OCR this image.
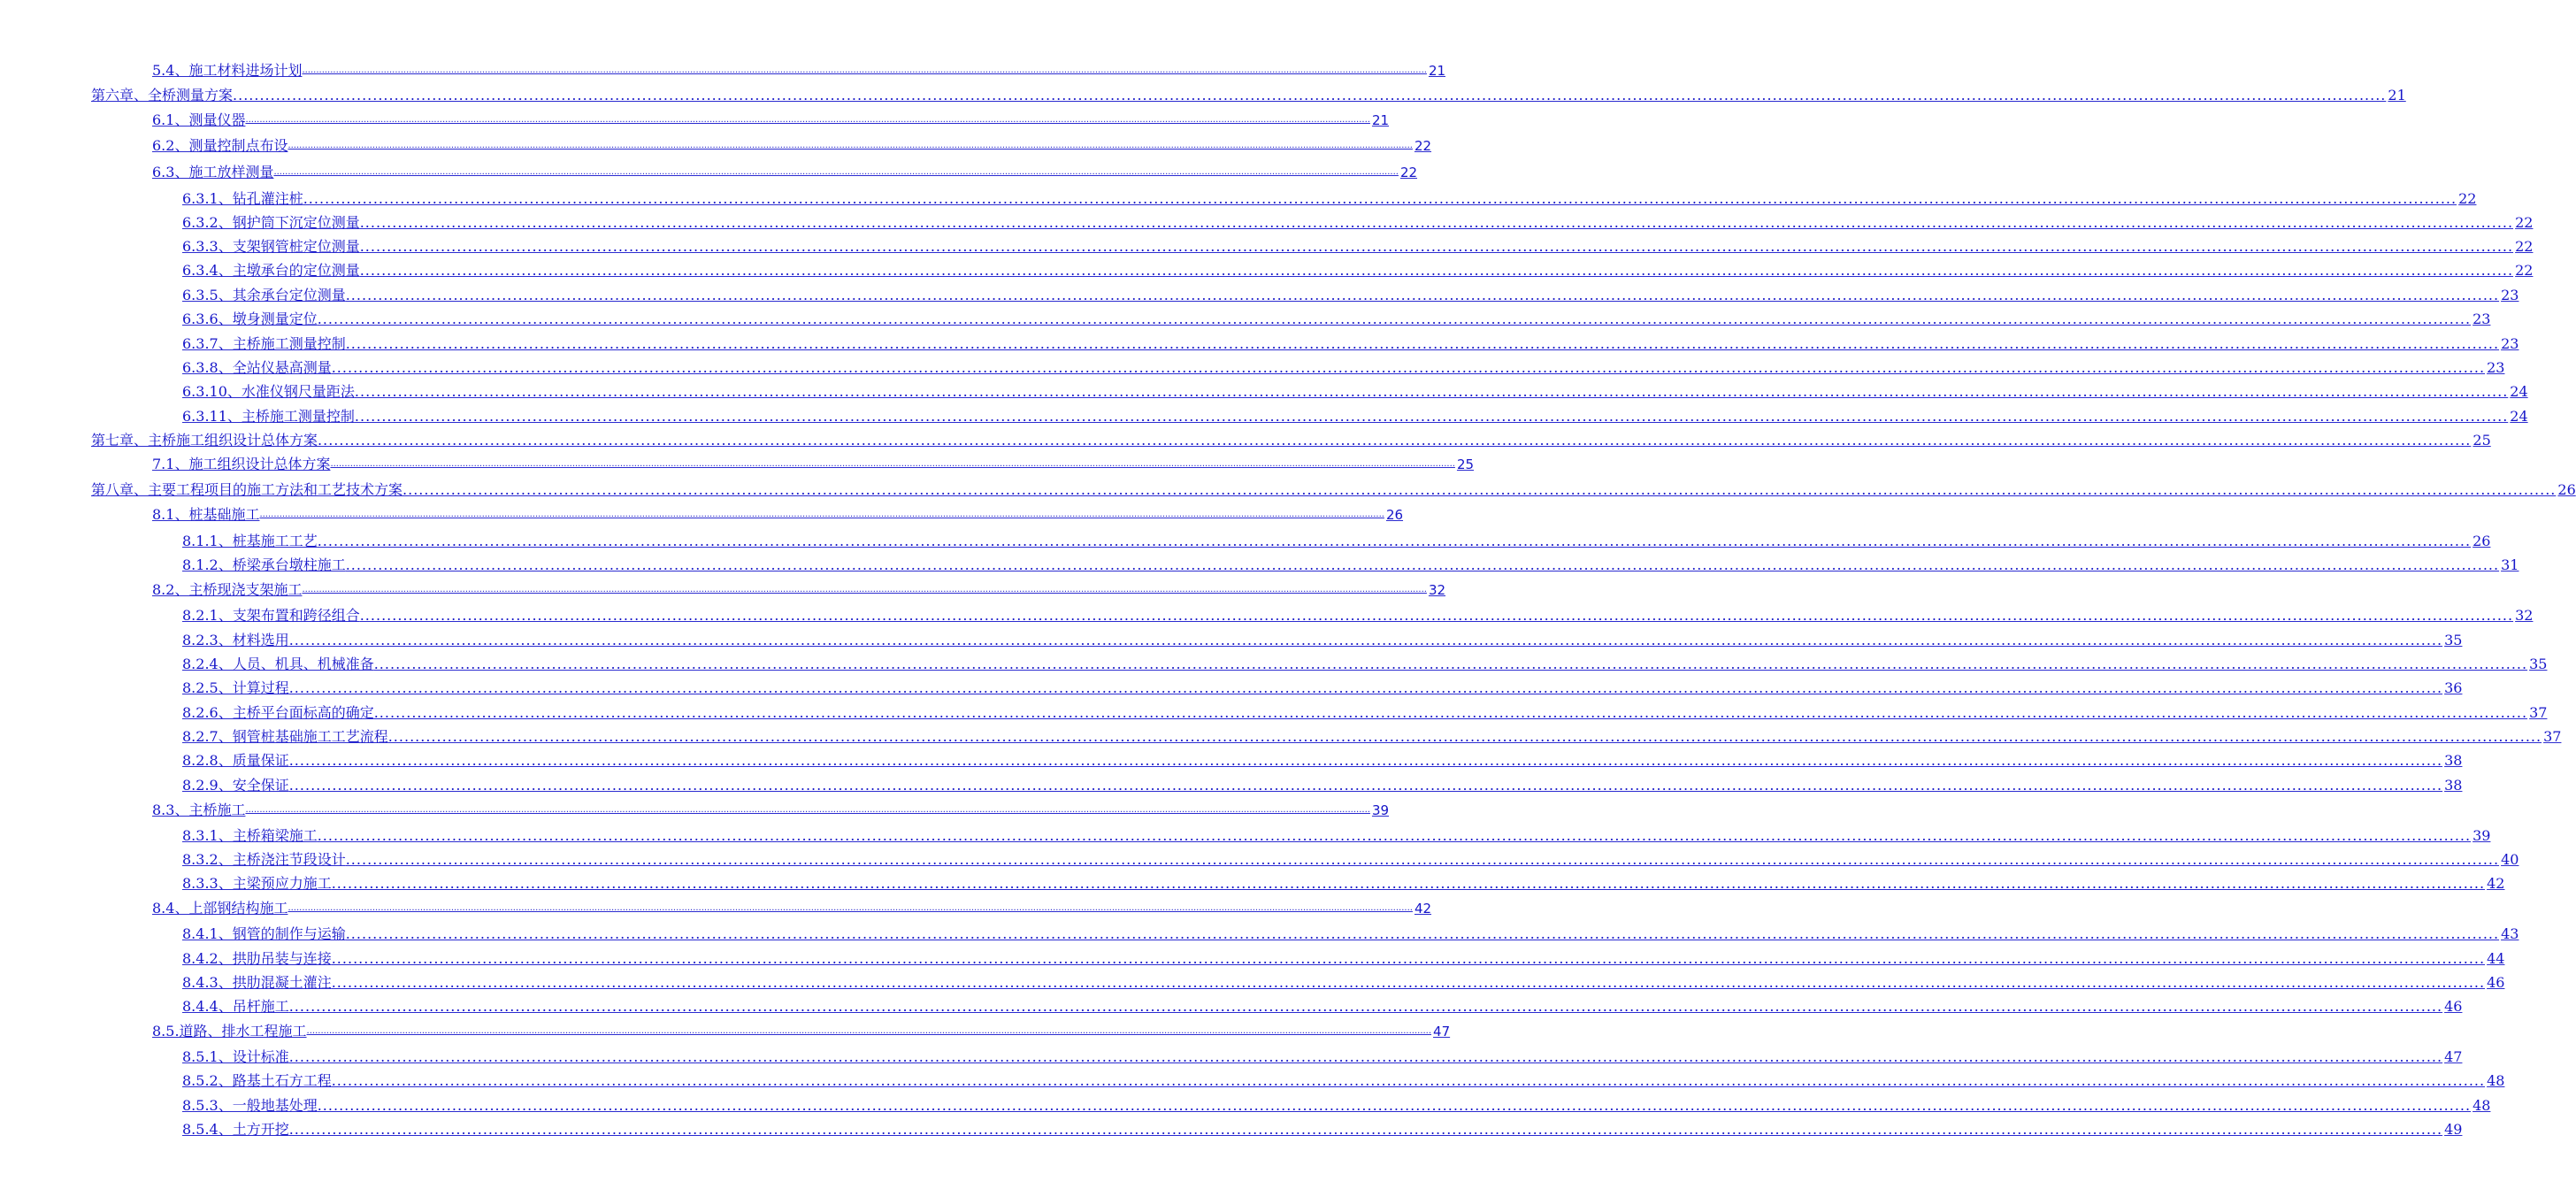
5.4、施工材料进场计划 ................................................................................................................................................................................................................................................................................................................................................................................................................ 21
第六章、全桥测量方案 ................................................................................................................................................................................................................................................................................................................................................................................................................ 21
6.1、测量仪器 ................................................................................................................................................................................................................................................................................................................................................................................................................ 21
6.2、测量控制点布设 ................................................................................................................................................................................................................................................................................................................................................................................................................ 22
6.3、施工放样测量 ................................................................................................................................................................................................................................................................................................................................................................................................................ 22
6.3.1、钻孔灌注桩 ................................................................................................................................................................................................................................................................................................................................................................................................................ 22
6.3.2、钢护筒下沉定位测量 ................................................................................................................................................................................................................................................................................................................................................................................................................ 22
6.3.3、支架钢管桩定位测量 ................................................................................................................................................................................................................................................................................................................................................................................................................ 22
6.3.4、主墩承台的定位测量 ................................................................................................................................................................................................................................................................................................................................................................................................................ 22
6.3.5、其余承台定位测量 ................................................................................................................................................................................................................................................................................................................................................................................................................ 23
6.3.6、墩身测量定位 ................................................................................................................................................................................................................................................................................................................................................................................................................ 23
6.3.7、主桥施工测量控制 ................................................................................................................................................................................................................................................................................................................................................................................................................ 23
6.3.8、全站仪悬高测量 ................................................................................................................................................................................................................................................................................................................................................................................................................ 23
6.3.10、水准仪钢尺量距法 ................................................................................................................................................................................................................................................................................................................................................................................................................ 24
6.3.11、主桥施工测量控制 ................................................................................................................................................................................................................................................................................................................................................................................................................ 24
第七章、主桥施工组织设计总体方案 ................................................................................................................................................................................................................................................................................................................................................................................................................ 25
7.1、施工组织设计总体方案 ................................................................................................................................................................................................................................................................................................................................................................................................................ 25
第八章、主要工程项目的施工方法和工艺技术方案 ................................................................................................................................................................................................................................................................................................................................................................................................................ 26
8.1、桩基础施工 ................................................................................................................................................................................................................................................................................................................................................................................................................ 26
8.1.1、桩基施工工艺 ................................................................................................................................................................................................................................................................................................................................................................................................................ 26
8.1.2、桥梁承台墩柱施工 ................................................................................................................................................................................................................................................................................................................................................................................................................ 31
8.2、主桥现浇支架施工 ................................................................................................................................................................................................................................................................................................................................................................................................................ 32
8.2.1、支架布置和跨径组合 ................................................................................................................................................................................................................................................................................................................................................................................................................ 32
8.2.3、材料选用 ................................................................................................................................................................................................................................................................................................................................................................................................................ 35
8.2.4、人员、机具、机械准备 ................................................................................................................................................................................................................................................................................................................................................................................................................ 35
8.2.5、计算过程 ................................................................................................................................................................................................................................................................................................................................................................................................................ 36
8.2.6、主桥平台面标高的确定 ................................................................................................................................................................................................................................................................................................................................................................................................................ 37
8.2.7、钢管桩基础施工工艺流程 ................................................................................................................................................................................................................................................................................................................................................................................................................ 37
8.2.8、质量保证 ................................................................................................................................................................................................................................................................................................................................................................................................................ 38
8.2.9、安全保证 ................................................................................................................................................................................................................................................................................................................................................................................................................ 38
8.3、主桥施工 ................................................................................................................................................................................................................................................................................................................................................................................................................ 39
8.3.1、主桥箱梁施工 ................................................................................................................................................................................................................................................................................................................................................................................................................ 39
8.3.2、主桥浇注节段设计 ................................................................................................................................................................................................................................................................................................................................................................................................................ 40
8.3.3、主梁预应力施工 ................................................................................................................................................................................................................................................................................................................................................................................................................ 42
8.4、上部钢结构施工 ................................................................................................................................................................................................................................................................................................................................................................................................................ 42
8.4.1、钢管的制作与运输 ................................................................................................................................................................................................................................................................................................................................................................................................................ 43
8.4.2、拱肋吊装与连接 ................................................................................................................................................................................................................................................................................................................................................................................................................ 44
8.4.3、拱肋混凝土灌注 ................................................................................................................................................................................................................................................................................................................................................................................................................ 46
8.4.4、吊杆施工 ................................................................................................................................................................................................................................................................................................................................................................................................................ 46
8.5.道路、排水工程施工 ................................................................................................................................................................................................................................................................................................................................................................................................................ 47
8.5.1、设计标准 ................................................................................................................................................................................................................................................................................................................................................................................................................ 47
8.5.2、路基土石方工程 ................................................................................................................................................................................................................................................................................................................................................................................................................ 48
8.5.3、一般地基处理 ................................................................................................................................................................................................................................................................................................................................................................................................................ 48
8.5.4、土方开挖 ................................................................................................................................................................................................................................................................................................................................................................................................................ 49
